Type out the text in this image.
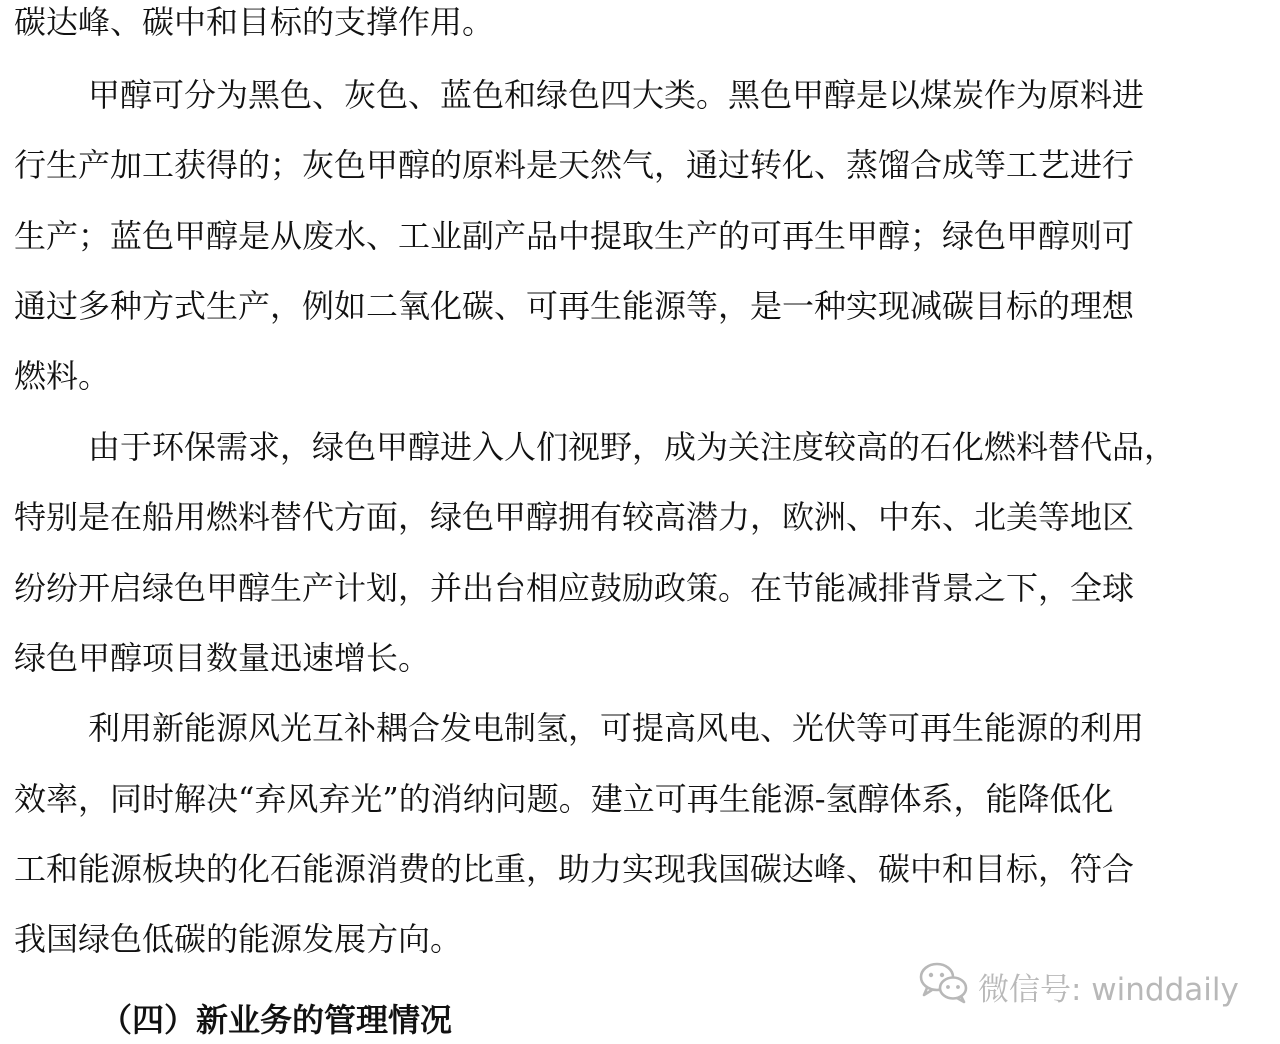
碳达峰、碳中和目标的支撑作用。
甲醇可分为黑色、灰色、蓝色和绿色四大类。黑色甲醇是以煤炭作为原料进
行生产加工获得的；灰色甲醇的原料是天然气，通过转化、蒸馏合成等工艺进行
生产；蓝色甲醇是从废水、工业副产品中提取生产的可再生甲醇；绿色甲醇则可
通过多种方式生产，例如二氧化碳、可再生能源等，是一种实现减碳目标的理想
燃料。
由于环保需求，绿色甲醇进入人们视野，成为关注度较高的石化燃料替代品，
特别是在船用燃料替代方面，绿色甲醇拥有较高潜力，欧洲、中东、北美等地区
纷纷开启绿色甲醇生产计划，并出台相应鼓励政策。在节能减排背景之下，全球
绿色甲醇项目数量迅速增长。
利用新能源风光互补耦合发电制氢，可提高风电、光伏等可再生能源的利用
效率，同时解决“弃风弃光”的消纳问题。建立可再生能源-氢醇体系，能降低化
工和能源板块的化石能源消费的比重，助力实现我国碳达峰、碳中和目标，符合
我国绿色低碳的能源发展方向。
（四）新业务的管理情况
微信号: winddaily
